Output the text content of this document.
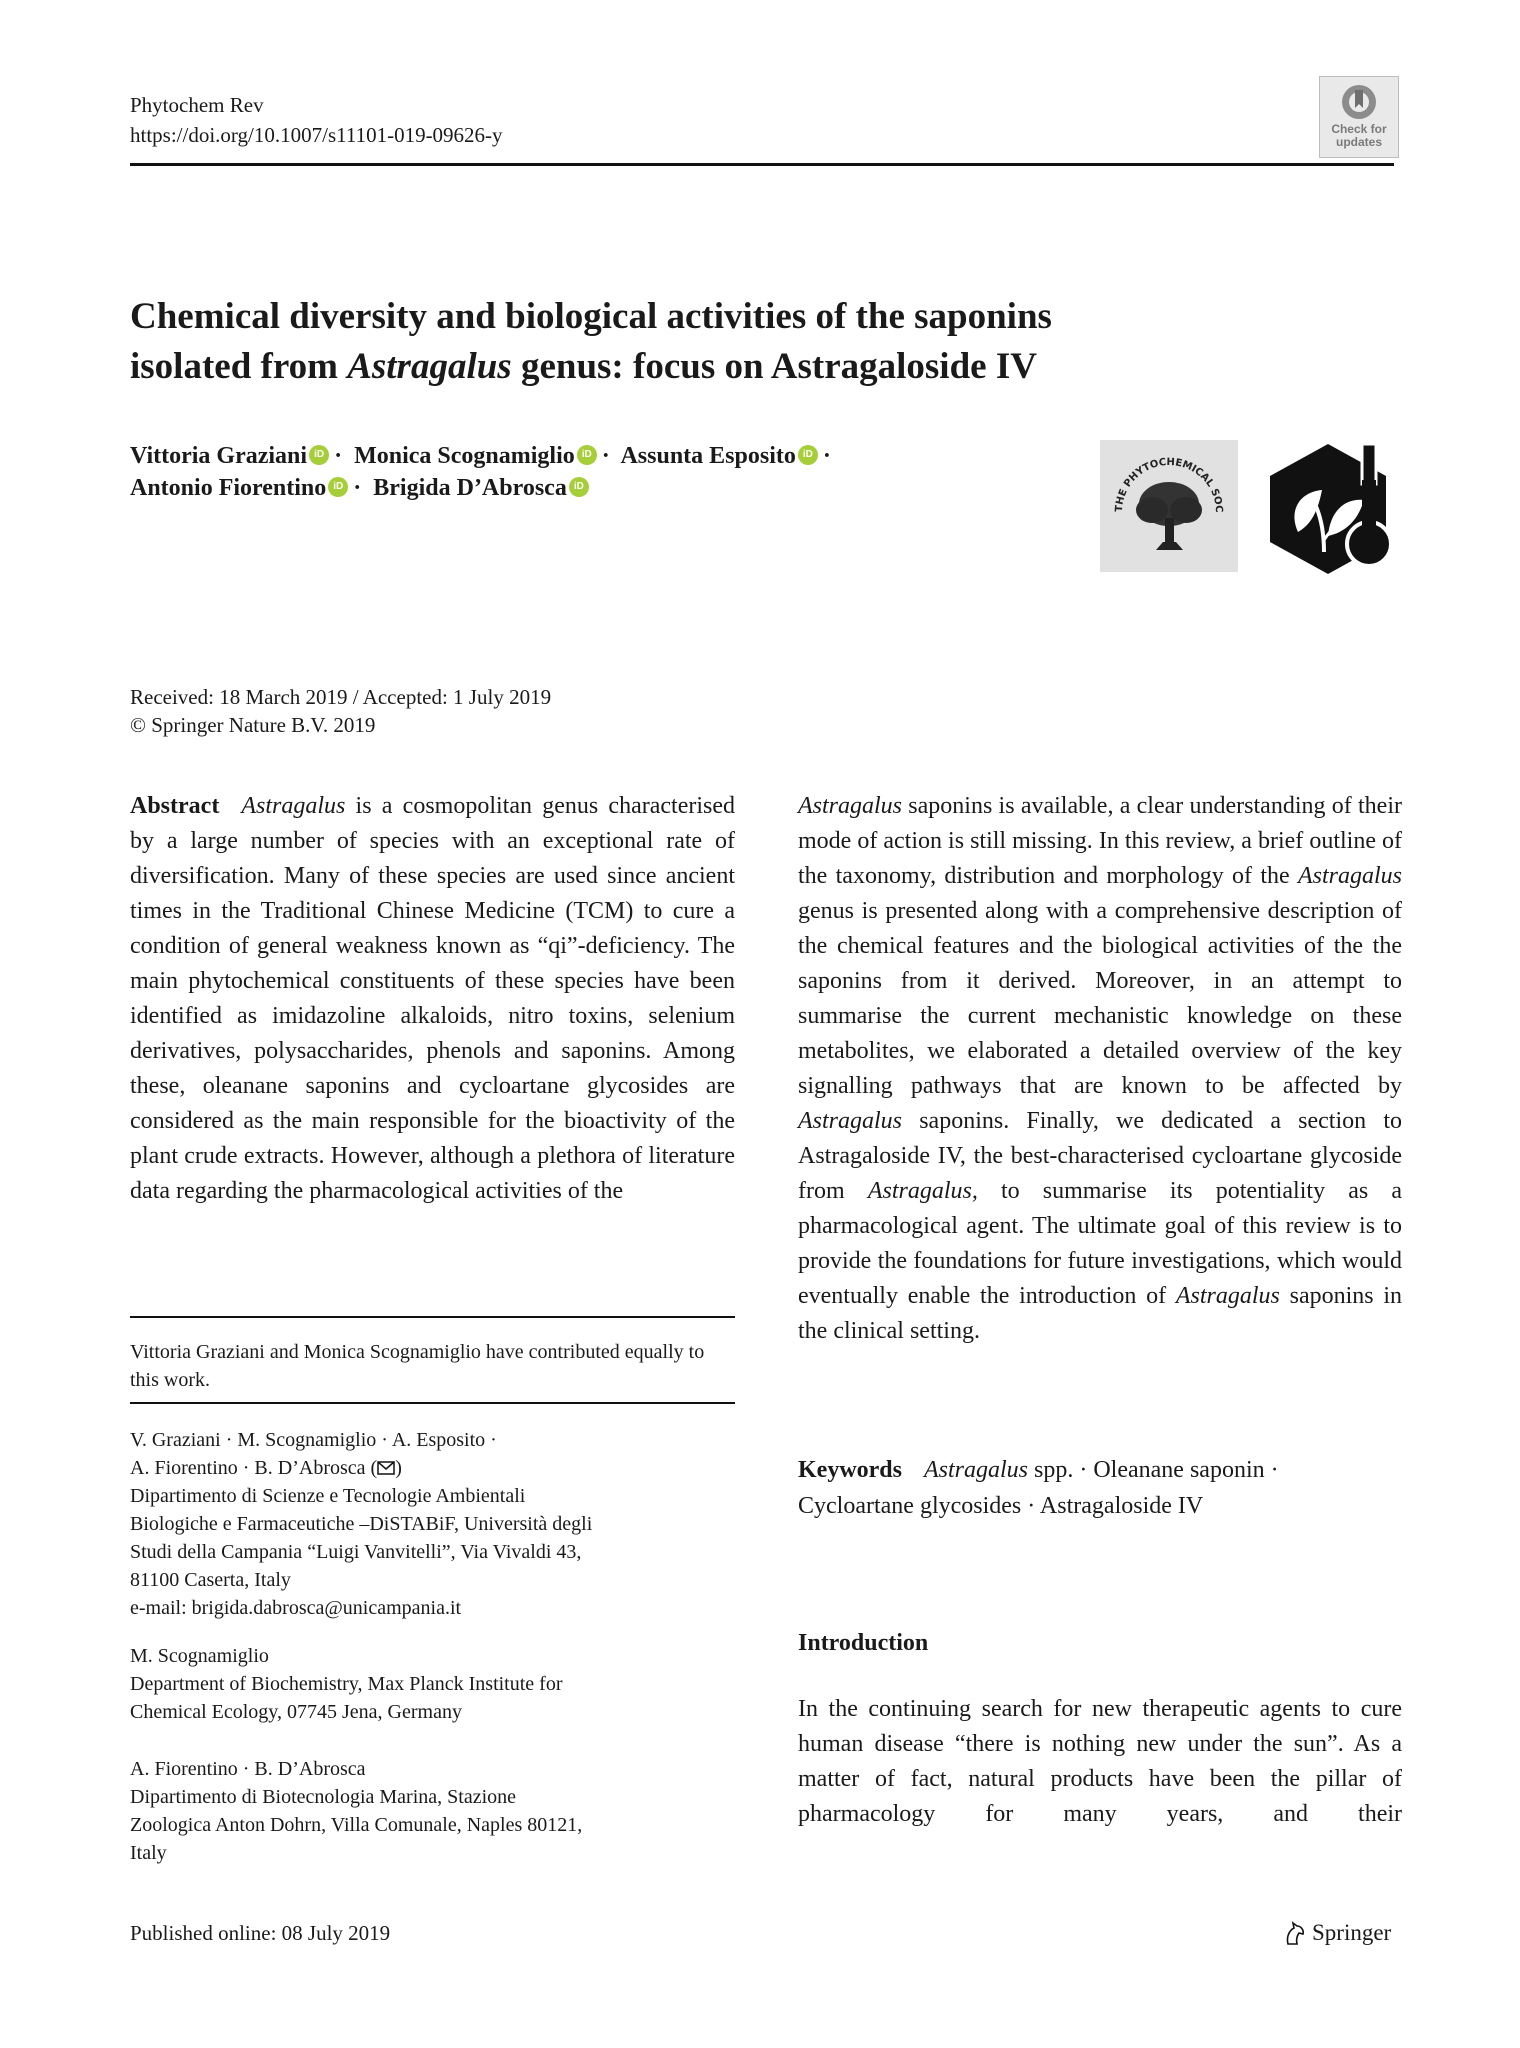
Phytochem Rev
https://doi.org/10.1007/s11101-019-09626-y	Check for updates
Chemical diversity and biological activities of the saponins
isolated from Astragalus genus: focus on Astragaloside IV
Vittoria Graziani iD · Monica Scognamiglio iD · Assunta Esposito iD ·
Antonio Fiorentino iD · Brigida D’Abrosca iD
THE PHYTOCHEMICAL SOC
Received: 18 March 2019 / Accepted: 1 July 2019
© Springer Nature B.V. 2019
Abstract Astragalus is a cosmopolitan genus characterised by a large number of species with an exceptional rate of diversification. Many of these species are used since ancient times in the Traditional Chinese Medicine (TCM) to cure a condition of general weakness known as “qi”-deficiency. The main phytochemical constituents of these species have been identified as imidazoline alkaloids, nitro toxins, selenium derivatives, polysaccharides, phenols and saponins. Among these, oleanane saponins and cycloartane glycosides are considered as the main responsible for the bioactivity of the plant crude extracts. However, although a plethora of literature data regarding the pharmacological activities of the
Astragalus saponins is available, a clear understanding of their mode of action is still missing. In this review, a brief outline of the taxonomy, distribution and morphology of the Astragalus genus is presented along with a comprehensive description of the chemical features and the biological activities of the the saponins from it derived. Moreover, in an attempt to summarise the current mechanistic knowledge on these metabolites, we elaborated a detailed overview of the key signalling pathways that are known to be affected by Astragalus saponins. Finally, we dedicated a section to Astragaloside IV, the best-characterised cycloartane glycoside from Astragalus, to summarise its potentiality as a pharmacological agent. The ultimate goal of this review is to provide the foundations for future investigations, which would eventually enable the introduction of Astragalus saponins in the clinical setting.
Vittoria Graziani and Monica Scognamiglio have contributed equally to this work.
V. Graziani · M. Scognamiglio · A. Esposito ·
A. Fiorentino · B. D’Abrosca ( )
Dipartimento di Scienze e Tecnologie Ambientali
Biologiche e Farmaceutiche –DiSTABiF, Università degli
Studi della Campania “Luigi Vanvitelli”, Via Vivaldi 43,
81100 Caserta, Italy
e-mail: brigida.dabrosca@unicampania.it
M. Scognamiglio
Department of Biochemistry, Max Planck Institute for
Chemical Ecology, 07745 Jena, Germany
A. Fiorentino · B. D’Abrosca
Dipartimento di Biotecnologia Marina, Stazione
Zoologica Anton Dohrn, Villa Comunale, Naples 80121,
Italy
Keywords Astragalus spp. · Oleanane saponin ·
Cycloartane glycosides · Astragaloside IV
Introduction
In the continuing search for new therapeutic agents to cure human disease “there is nothing new under the sun”. As a matter of fact, natural products have been the pillar of pharmacology for many years, and their
Published online: 08 July 2019	Springer
